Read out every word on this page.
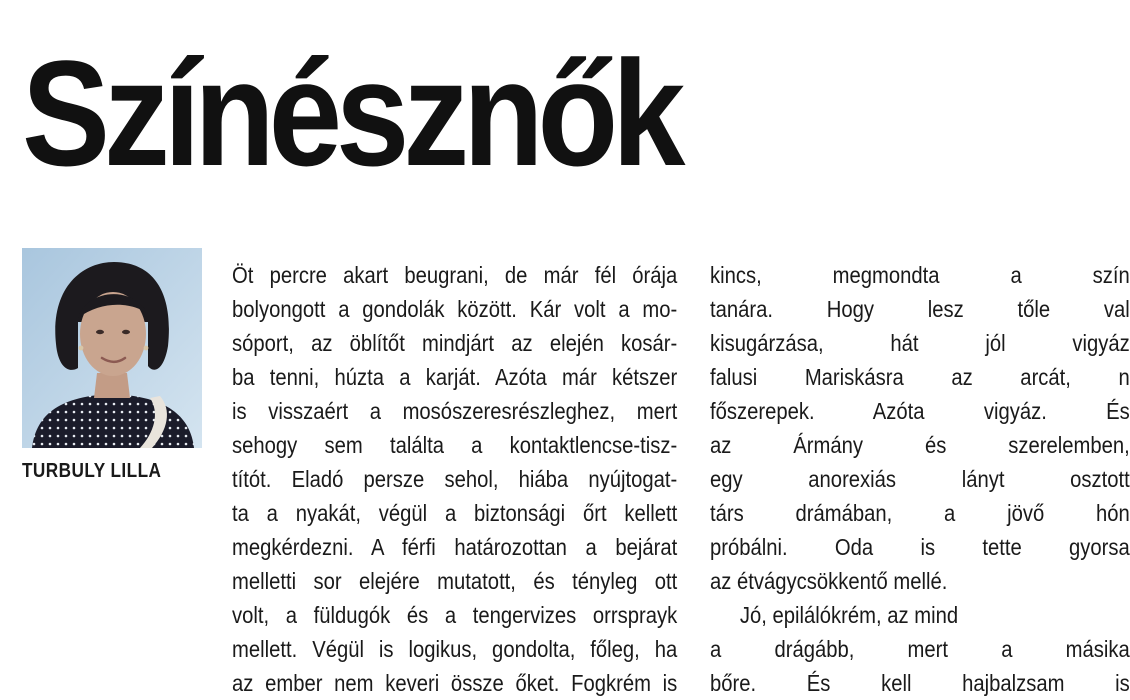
Színésznők
TURBULY LILLA
Öt percre akart beugrani, de már fél órája
bolyongott a gondolák között. Kár volt a mo-
sóport, az öblítőt mindjárt az elején kosár-
ba tenni, húzta a karját. Azóta már kétszer
is visszaért a mosószeresrészleghez, mert
sehogy sem találta a kontaktlencse-tisz-
títót. Eladó persze sehol, hiába nyújtogat-
ta a nyakát, végül a biztonsági őrt kellett
megkérdezni. A férfi határozottan a bejárat
melletti sor elejére mutatott, és tényleg ott
volt, a füldugók és a tengervizes orrsprayk
mellett. Végül is logikus, gondolta, főleg, ha
az ember nem keveri össze őket. Fogkrém is
kincs, megmondta a szín
tanára. Hogy lesz tőle val
kisugárzása, hát jól vigyáz
falusi Mariskásra az arcát, n
főszerepek. Azóta vigyáz. És
az Ármány és szerelemben,
egy anorexiás lányt osztott
társ drámában, a jövő hón
próbálni. Oda is tette gyorsa
az étvágycsökkentő mellé.
Jó, epilálókrém, az mind
a drágább, mert a másika
bőre. És kell hajbalzsam is
